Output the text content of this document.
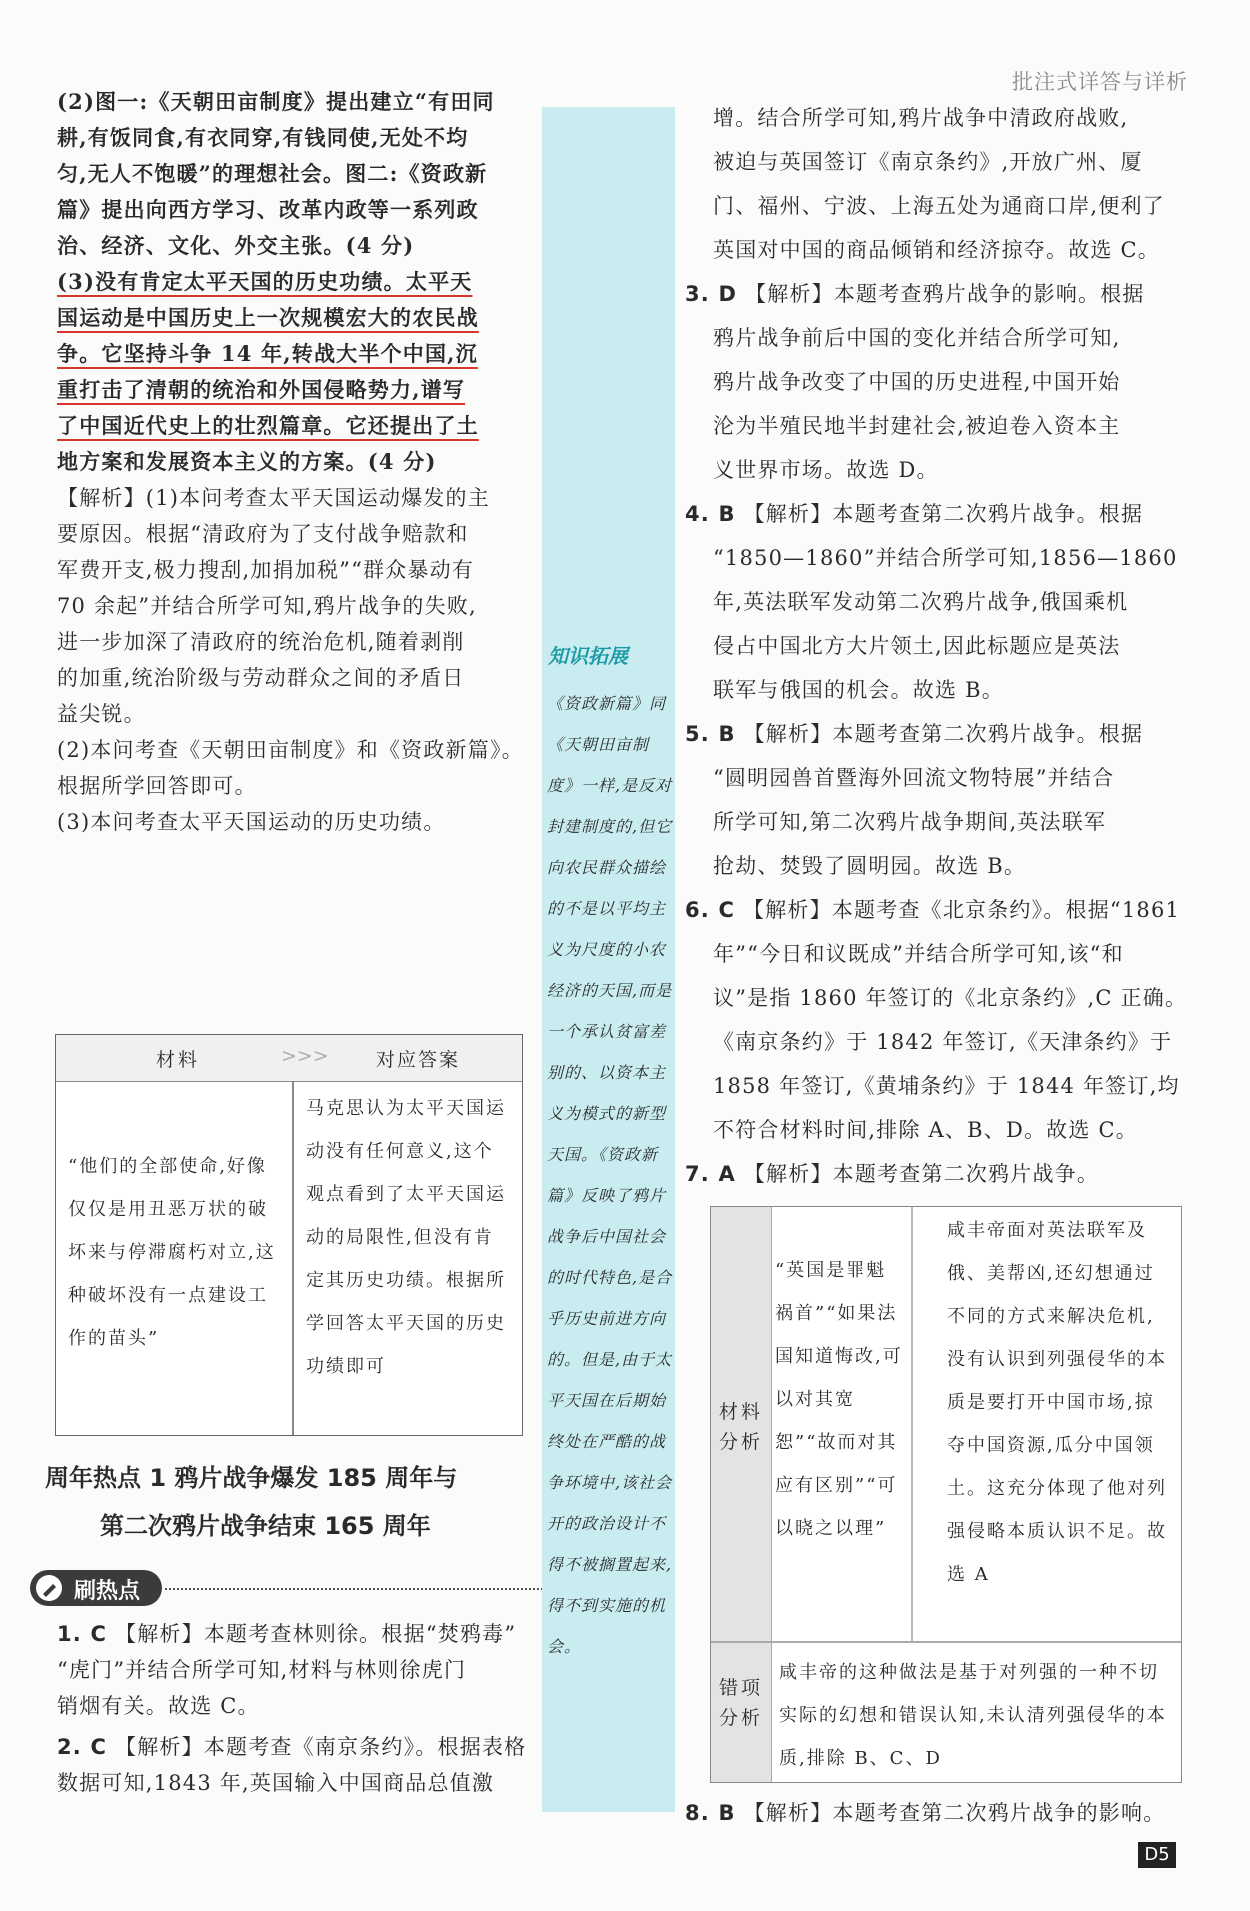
批注式详答与详析

(2)图一:《天朝田亩制度》提出建立“有田同

耕,有饭同食,有衣同穿,有钱同使,无处不均

匀,无人不饱暖”的理想社会。图二:《资政新

篇》提出向西方学习、改革内政等一系列政

治、经济、文化、外交主张。(4 分)

(3)没有肯定太平天国的历史功绩。太平天

国运动是中国历史上一次规模宏大的农民战

争。它坚持斗争 14 年,转战大半个中国,沉

重打击了清朝的统治和外国侵略势力,谱写

了中国近代史上的壮烈篇章。它还提出了土

地方案和发展资本主义的方案。(4 分)

【解析】(1)本问考查太平天国运动爆发的主

要原因。根据“清政府为了支付战争赔款和

军费开支,极力搜刮,加捐加税”“群众暴动有

70 余起”并结合所学可知,鸦片战争的失败,

进一步加深了清政府的统治危机,随着剥削

的加重,统治阶级与劳动群众之间的矛盾日

益尖锐。

(2)本问考查《天朝田亩制度》和《资政新篇》。

根据所学回答即可。

(3)本问考查太平天国运动的历史功绩。

材料	>>> 对应答案
“他们的全部使命,好像仅仅是用丑恶万状的破坏来与停滞腐朽对立,这种破坏没有一点建设工作的苗头”
马克思认为太平天国运动没有任何意义,这个观点看到了太平天国运动的局限性,但没有肯定其历史功绩。根据所学回答太平天国的历史功绩即可
周年热点 1 鸦片战争爆发 185 周年与
第二次鸦片战争结束 165 周年
刷热点

1. C 【解析】本题考查林则徐。根据“焚鸦毒”

“虎门”并结合所学可知,材料与林则徐虎门

销烟有关。故选 C。

2. C 【解析】本题考查《南京条约》。根据表格

数据可知,1843 年,英国输入中国商品总值激

知识拓展
《资政新篇》同《天朝田亩制度》一样,是反对封建制度的,但它向农民群众描绘的不是以平均主义为尺度的小农经济的天国,而是一个承认贫富差别的、以资本主义为模式的新型天国。《资政新篇》反映了鸦片战争后中国社会的时代特色,是合乎历史前进方向的。但是,由于太平天国在后期始终处在严酷的战争环境中,该社会开的政治设计不得不被搁置起来,得不到实施的机会。

增。结合所学可知,鸦片战争中清政府战败,

被迫与英国签订《南京条约》,开放广州、厦

门、福州、宁波、上海五处为通商口岸,便利了

英国对中国的商品倾销和经济掠夺。故选 C。

3. D 【解析】本题考查鸦片战争的影响。根据

鸦片战争前后中国的变化并结合所学可知,

鸦片战争改变了中国的历史进程,中国开始

沦为半殖民地半封建社会,被迫卷入资本主

义世界市场。故选 D。

4. B 【解析】本题考查第二次鸦片战争。根据

“1850—1860”并结合所学可知,1856—1860

年,英法联军发动第二次鸦片战争,俄国乘机

侵占中国北方大片领土,因此标题应是英法

联军与俄国的机会。故选 B。

5. B 【解析】本题考查第二次鸦片战争。根据

“圆明园兽首暨海外回流文物特展”并结合

所学可知,第二次鸦片战争期间,英法联军

抢劫、焚毁了圆明园。故选 B。

6. C 【解析】本题考查《北京条约》。根据“1861

年”“今日和议既成”并结合所学可知,该“和

议”是指 1860 年签订的《北京条约》,C 正确。

《南京条约》于 1842 年签订,《天津条约》于

1858 年签订,《黄埔条约》于 1844 年签订,均

不符合材料时间,排除 A、B、D。故选 C。

7. A 【解析】本题考查第二次鸦片战争。

材料分析
“英国是罪魁祸首”“如果法国知道悔改,可以对其宽恕”“故而对其应有区别”“可以晓之以理”
咸丰帝面对英法联军及俄、美帮凶,还幻想通过不同的方式来解决危机,没有认识到列强侵华的本质是要打开中国市场,掠夺中国资源,瓜分中国领土。这充分体现了他对列强侵略本质认识不足。故选 A
错项分析
咸丰帝的这种做法是基于对列强的一种不切实际的幻想和错误认知,未认清列强侵华的本质,排除 B、C、D

8. B 【解析】本题考查第二次鸦片战争的影响。

D5
